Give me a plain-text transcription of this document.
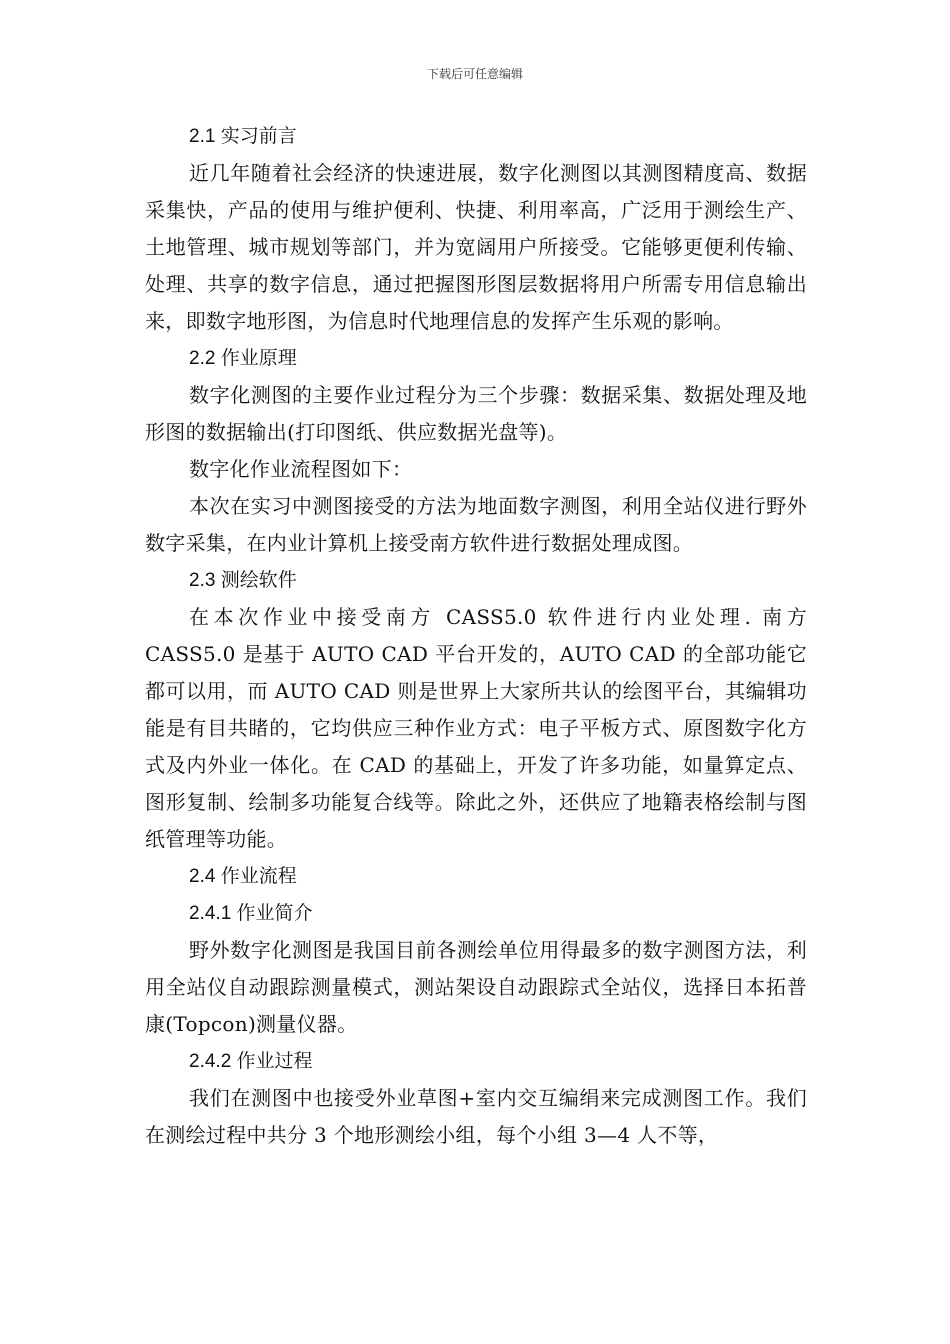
下载后可任意编辑

2.1 实习前言

近几年随着社会经济的快速进展，数字化测图以其测图精度高、数据采集快，产品的使用与维护便利、快捷、利用率高，广泛用于测绘生产、土地管理、城市规划等部门，并为宽阔用户所接受。它能够更便利传输、处理、共享的数字信息，通过把握图形图层数据将用户所需专用信息输出来，即数字地形图，为信息时代地理信息的发挥产生乐观的影响。

2.2 作业原理

数字化测图的主要作业过程分为三个步骤：数据采集、数据处理及地形图的数据输出(打印图纸、供应数据光盘等)。

数字化作业流程图如下：

本次在实习中测图接受的方法为地面数字测图，利用全站仪进行野外数字采集，在内业计算机上接受南方软件进行数据处理成图。

2.3 测绘软件

在本次作业中接受南方 CASS5.0 软件进行内业处理. 南方 CASS5.0 是基于 AUTO CAD 平台开发的，AUTO CAD 的全部功能它都可以用，而 AUTO CAD 则是世界上大家所共认的绘图平台，其编辑功能是有目共睹的，它均供应三种作业方式：电子平板方式、原图数字化方式及内外业一体化。在 CAD 的基础上，开发了许多功能，如量算定点、图形复制、绘制多功能复合线等。除此之外，还供应了地籍表格绘制与图纸管理等功能。

2.4 作业流程

2.4.1 作业简介

野外数字化测图是我国目前各测绘单位用得最多的数字测图方法，利用全站仪自动跟踪测量模式，测站架设自动跟踪式全站仪，选择日本拓普康(Topcon)测量仪器。

2.4.2 作业过程

我们在测图中也接受外业草图+室内交互编绢来完成测图工作。我们在测绘过程中共分 3 个地形测绘小组，每个小组 3—4 人不等，
